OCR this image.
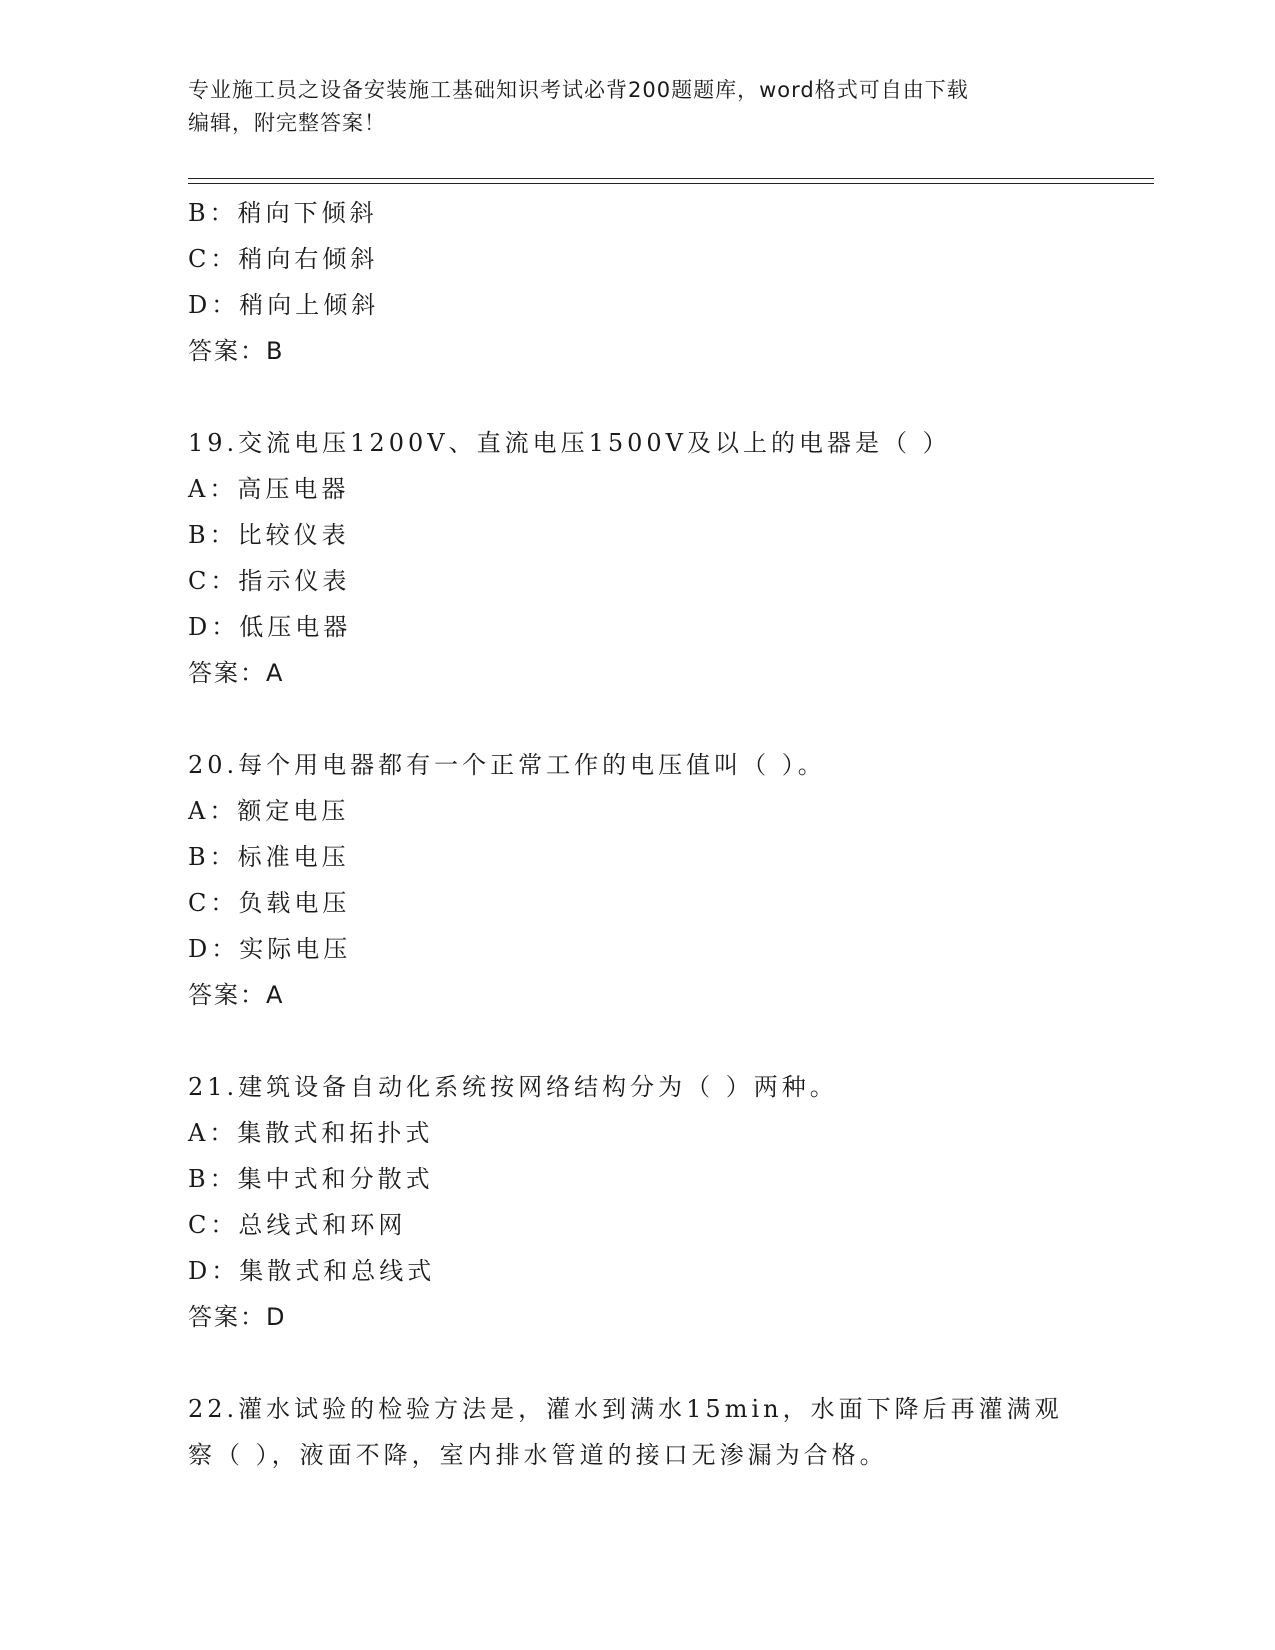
专业施工员之设备安装施工基础知识考试必背200题题库，word格式可自由下载
编辑，附完整答案！
B：稍向下倾斜
C：稍向右倾斜
D：稍向上倾斜
答案：B
19.交流电压1200V、直流电压1500V及以上的电器是（ ）
A：高压电器
B：比较仪表
C：指示仪表
D：低压电器
答案：A
20.每个用电器都有一个正常工作的电压值叫（ ）。
A：额定电压
B：标准电压
C：负载电压
D：实际电压
答案：A
21.建筑设备自动化系统按网络结构分为（ ）两种。
A：集散式和拓扑式
B：集中式和分散式
C：总线式和环网
D：集散式和总线式
答案：D
22.灌水试验的检验方法是，灌水到满水15min，水面下降后再灌满观
察（ ），液面不降，室内排水管道的接口无渗漏为合格。
